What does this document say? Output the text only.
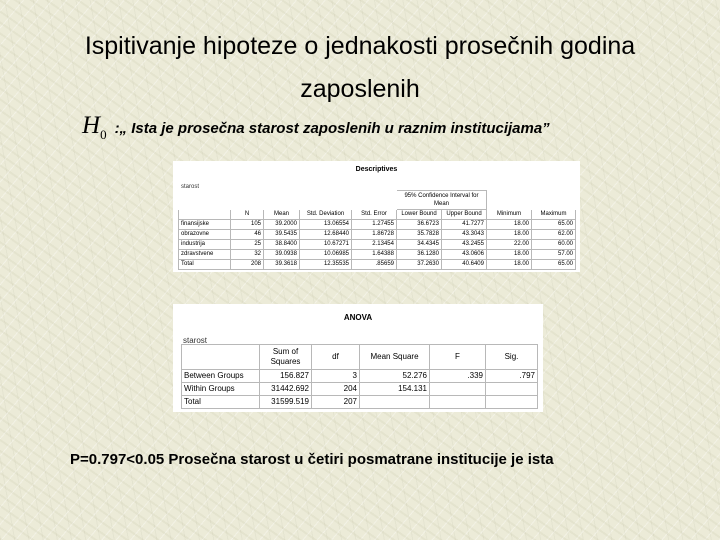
Ispitivanje hipoteze o jednakosti prosečnih godina
zaposlenih
$H_0$ :„ Ista je prosečna starost zaposlenih u raznim institucijama”
Descriptives
starost
					95% Confidence Interval for Mean			
	N	Mean	Std. Deviation	Std. Error	Lower Bound	Upper Bound	Minimum	Maximum
finansijske	105	39.2000	13.06554	1.27455	36.6723	41.7277	18.00	65.00
obrazovne	46	39.5435	12.68440	1.86728	35.7828	43.3043	18.00	62.00
industrija	25	38.8400	10.67271	2.13454	34.4345	43.2455	22.00	60.00
zdravstvene	32	39.0938	10.06985	1.64388	36.1280	43.0606	18.00	57.00
Total	208	39.3618	12.35535	.85659	37.2630	40.6409	18.00	65.00
ANOVA
starost
	Sum of Squares	df	Mean Square	F	Sig.
Between Groups	156.827	3	52.276	.339	.797
Within Groups	31442.692	204	154.131		
Total	31599.519	207			
P=0.797<0.05 Prosečna starost u četiri posmatrane institucije je ista
